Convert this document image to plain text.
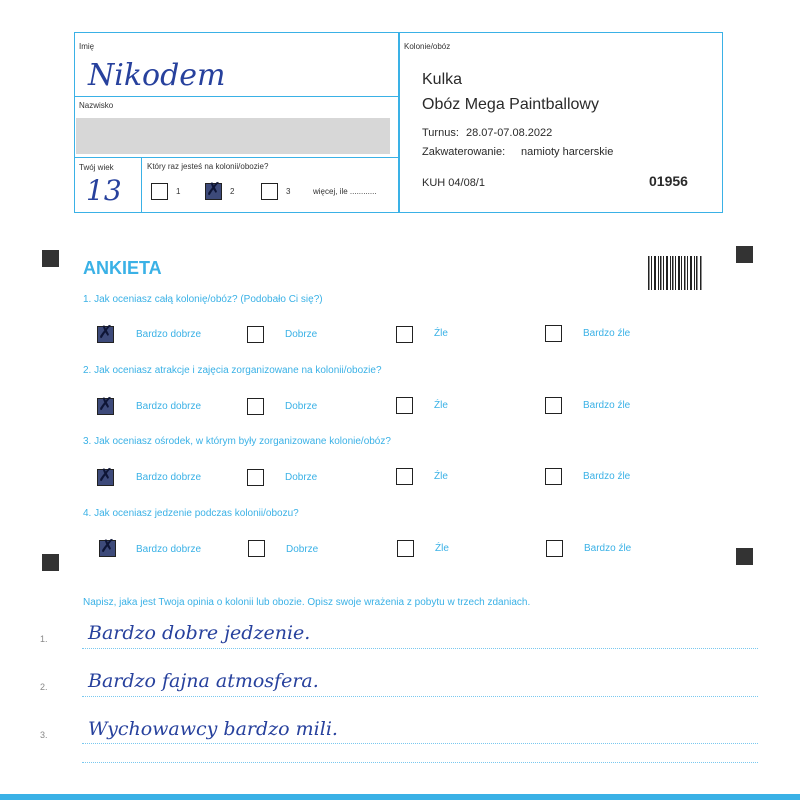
Imię
Nikodem
Nazwisko
Twój wiek
13
Który raz jesteś na kolonii/obozie?
1
✗	2	3	więcej, ile ............
Kolonie/obóz
Kulka
Obóz Mega Paintballowy
Turnus: 28.07-07.08.2022
Zakwaterowanie: namioty harcerskie
KUH 04/08/1	01956
ANKIETA
1. Jak oceniasz całą kolonię/obóz? (Podobało Ci się?)
✗
Bardzo dobrze	Dobrze	Źle	Bardzo źle
2. Jak oceniasz atrakcje i zajęcia zorganizowane na kolonii/obozie?
✗
Bardzo dobrze	Dobrze	Źle	Bardzo źle
3. Jak oceniasz ośrodek, w którym były zorganizowane kolonie/obóz?
✗
Bardzo dobrze	Dobrze	Źle	Bardzo źle
4. Jak oceniasz jedzenie podczas kolonii/obozu?
✗
Bardzo dobrze	Dobrze	Źle	Bardzo źle
Napisz, jaka jest Twoja opinia o kolonii lub obozie. Opisz swoje wrażenia z pobytu w trzech zdaniach.
1. Bardzo dobre jedzenie.
2. Bardzo fajna atmosfera.
3. Wychowawcy bardzo mili.
